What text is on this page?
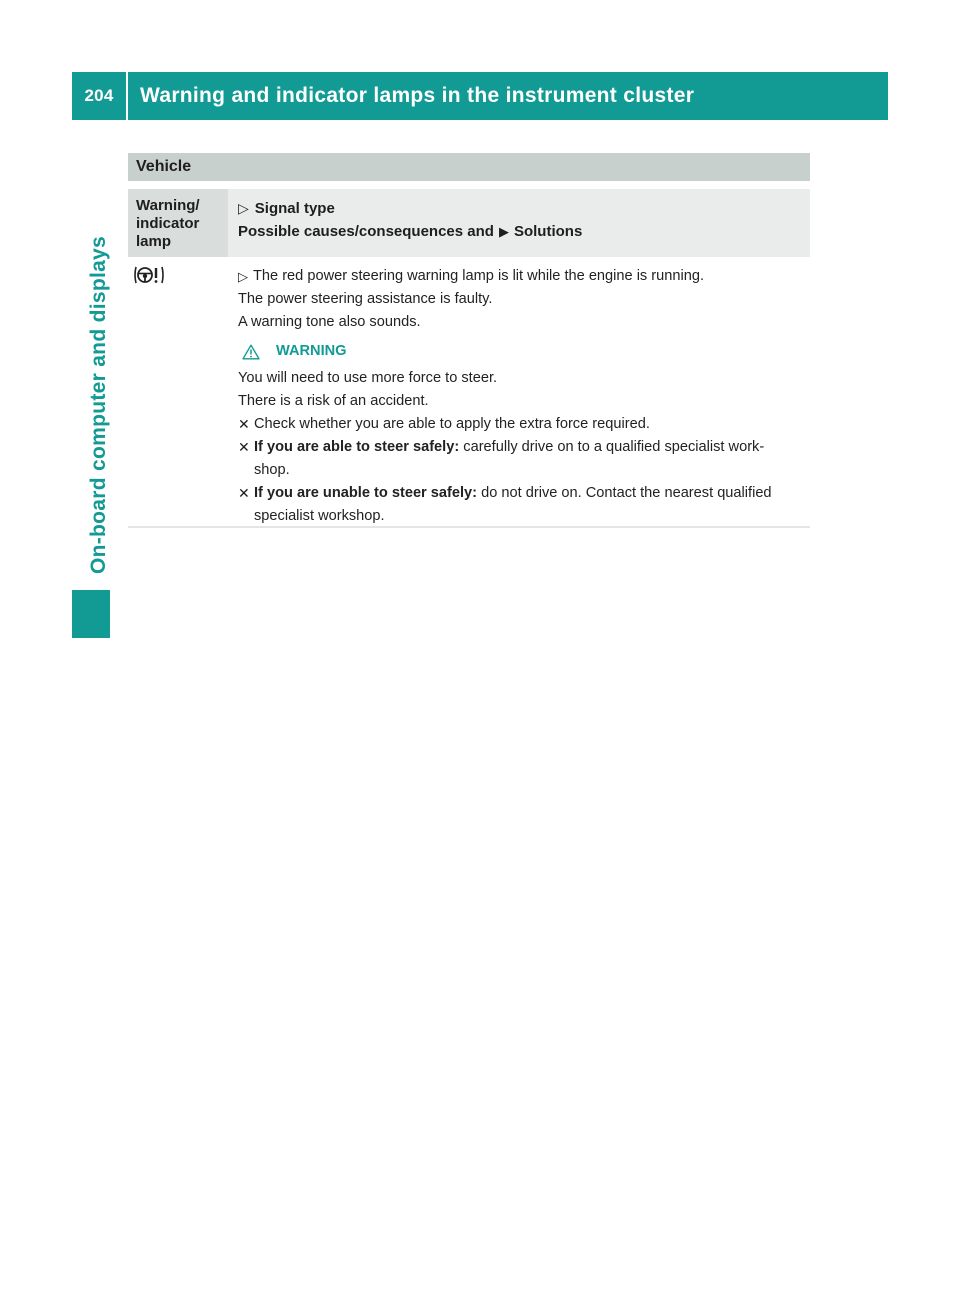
204	Warning and indicator lamps in the instrument cluster
On-board computer and displays
Vehicle
Warning/ indicator lamp
▷ Signal type
Possible causes/consequences and ▶ Solutions
▷ The red power steering warning lamp is lit while the engine is running.
The power steering assistance is faulty.
A warning tone also sounds.
WARNING
You will need to use more force to steer.
There is a risk of an accident.
✕ Check whether you are able to apply the extra force required.
✕ If you are able to steer safely: carefully drive on to a qualified specialist work-
shop.
✕ If you are unable to steer safely: do not drive on. Contact the nearest qualified
specialist workshop.
